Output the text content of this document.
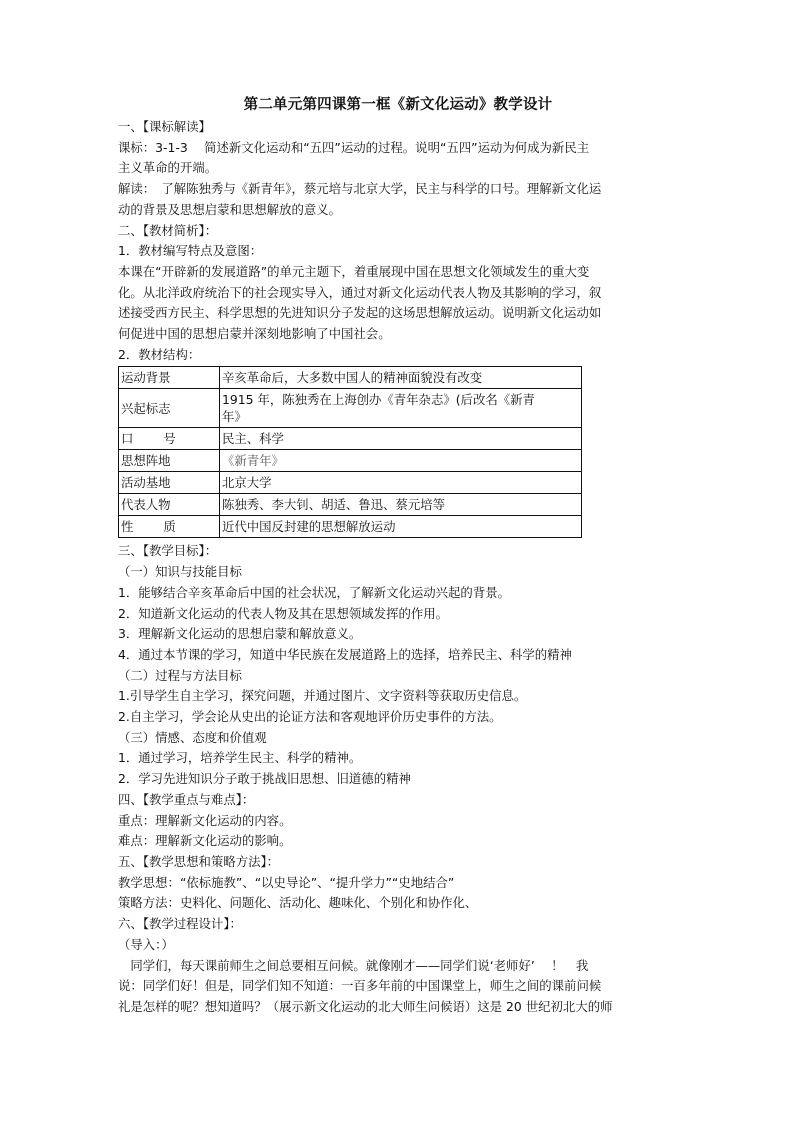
第二单元第四课第一框《新文化运动》教学设计
一、【课标解读】
课标：3-1-3　 简述新文化运动和“五四”运动的过程。说明“五四”运动为何成为新民主
主义革命的开端。
解读：　了解陈独秀与《新青年》，蔡元培与北京大学，民主与科学的口号。理解新文化运
动的背景及思想启蒙和思想解放的意义。
二、【教材简析】：
1．教材编写特点及意图：
本课在“开辟新的发展道路”的单元主题下，着重展现中国在思想文化领域发生的重大变
化。从北洋政府统治下的社会现实导入，通过对新文化运动代表人物及其影响的学习，叙
述接受西方民主、科学思想的先进知识分子发起的这场思想解放运动。说明新文化运动如
何促进中国的思想启蒙并深刻地影响了中国社会。
2．教材结构：
运动背景	辛亥革命后，大多数中国人的精神面貌没有改变
兴起标志	1915 年，陈独秀在上海创办《青年杂志》(后改名《新青
年》

口 号	民主、科学
思想阵地	《新青年》
活动基地	北京大学
代表人物	陈独秀、李大钊、胡适、鲁迅、蔡元培等
性 质	近代中国反封建的思想解放运动
三、【教学目标】：
（一）知识与技能目标
1．能够结合辛亥革命后中国的社会状况，了解新文化运动兴起的背景。
2．知道新文化运动的代表人物及其在思想领域发挥的作用。
3．理解新文化运动的思想启蒙和解放意义。
4．通过本节课的学习，知道中华民族在发展道路上的选择，培养民主、科学的精神
（二）过程与方法目标
1.引导学生自主学习，探究问题，并通过图片、文字资料等获取历史信息。
2.自主学习，学会论从史出的论证方法和客观地评价历史事件的方法。
（三）情感、态度和价值观
1．通过学习，培养学生民主、科学的精神。
2．学习先进知识分子敢于挑战旧思想、旧道德的精神
四、【教学重点与难点】：
重点：理解新文化运动的内容。
难点：理解新文化运动的影响。
五、【教学思想和策略方法】：
教学思想：“依标施教”、“以史导论”、“提升学力”“史地结合”
策略方法：史料化、问题化、活动化、趣味化、个别化和协作化、
六、【教学过程设计】：
（导入：）
　同学们，每天课前师生之间总要相互问候。就像刚才——同学们说‘老师好’　 ！　我
说：同学们好！但是，同学们知不知道：一百多年前的中国课堂上，师生之间的课前问候
礼是怎样的呢？想知道吗？（展示新文化运动的北大师生问候语）这是 20 世纪初北大的师
